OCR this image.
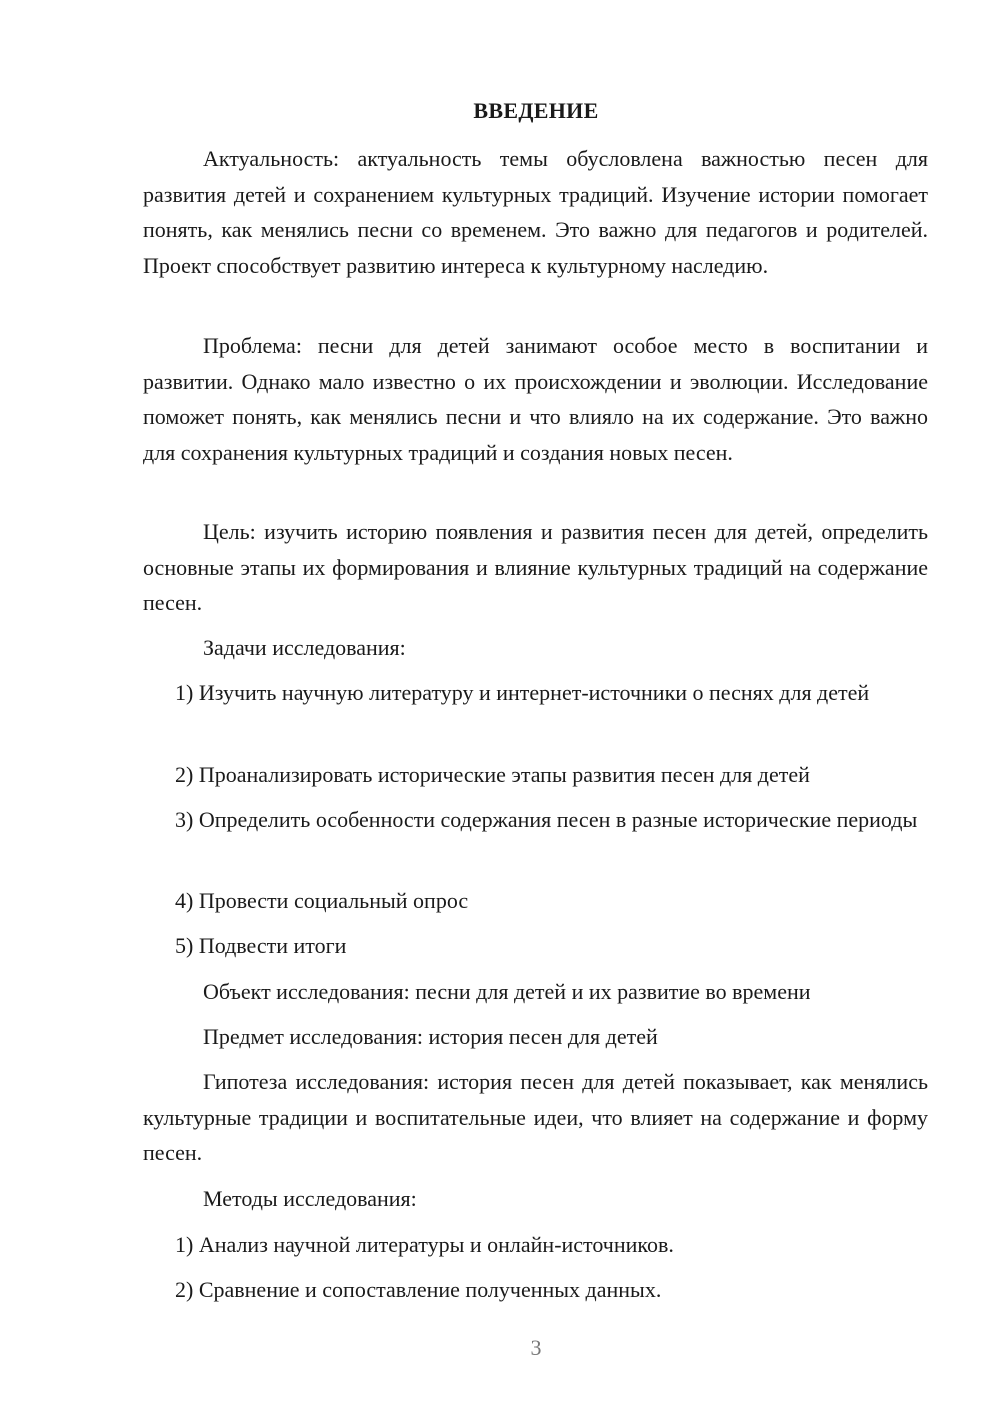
ВВЕДЕНИЕ

Актуальность: актуальность темы обусловлена важностью песен для развития детей и сохранением культурных традиций. Изучение истории помогает понять, как менялись песни со временем. Это важно для педагогов и родителей. Проект способствует развитию интереса к культурному наследию.

Проблема: песни для детей занимают особое место в воспитании и развитии. Однако мало известно о их происхождении и эволюции. Исследование поможет понять, как менялись песни и что влияло на их содержание. Это важно для сохранения культурных традиций и создания новых песен.

Цель: изучить историю появления и развития песен для детей, определить основные этапы их формирования и влияние культурных традиций на содержание песен.

Задачи исследования:

1) Изучить научную литературу и интернет-источники о песнях для детей

2) Проанализировать исторические этапы развития песен для детей

3) Определить особенности содержания песен в разные исторические периоды

4) Провести социальный опрос

5) Подвести итоги

Объект исследования: песни для детей и их развитие во времени

Предмет исследования: история песен для детей

Гипотеза исследования: история песен для детей показывает, как менялись культурные традиции и воспитательные идеи, что влияет на содержание и форму песен.

Методы исследования:

1) Анализ научной литературы и онлайн-источников.

2) Сравнение и сопоставление полученных данных.

3
